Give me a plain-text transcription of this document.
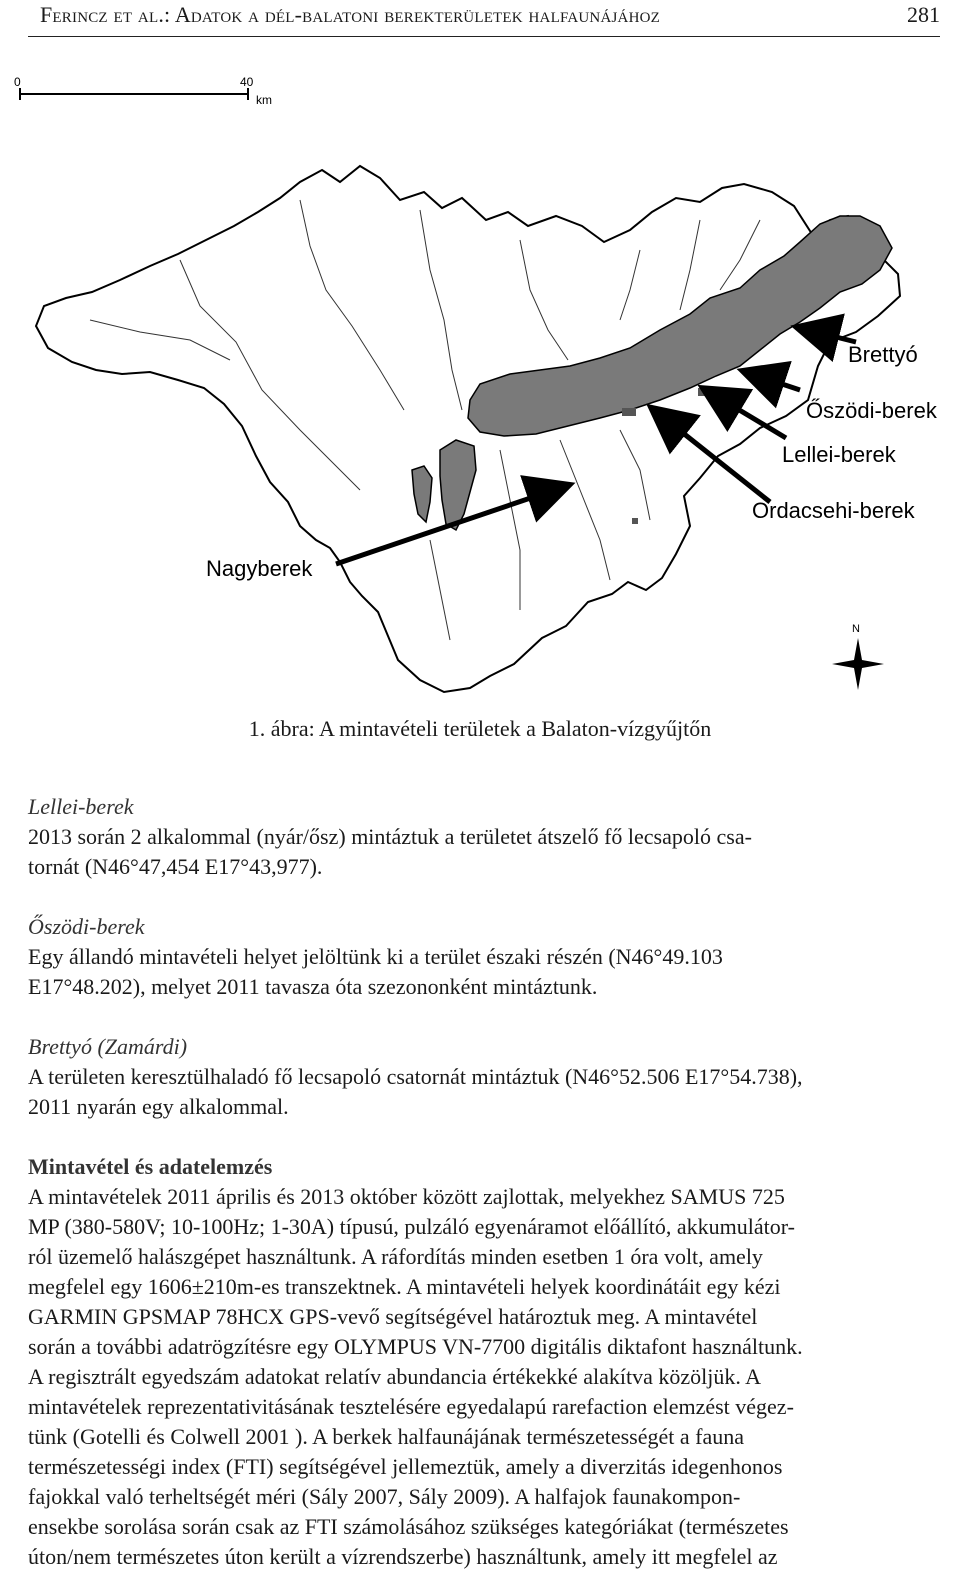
Ferincz et al.: Adatok a dél-balatoni berekterületek halfaunájához	281
0	40
km
Brettyó
Őszödi-berek
Lellei-berek
Ordacsehi-berek
Nagyberek
N
1. ábra: A mintavételi területek a Balaton-vízgyűjtőn
Lellei-berek
2013 során 2 alkalommal (nyár/ősz) mintáztuk a területet átszelő fő lecsapoló csa-
tornát (N46°47,454 E17°43,977).
Őszödi-berek
Egy állandó mintavételi helyet jelöltünk ki a terület északi részén (N46°49.103
E17°48.202), melyet 2011 tavasza óta szezononként mintáztunk.
Brettyó (Zamárdi)
A területen keresztülhaladó fő lecsapoló csatornát mintáztuk (N46°52.506 E17°54.738),
2011 nyarán egy alkalommal.
Mintavétel és adatelemzés
A mintavételek 2011 április és 2013 október között zajlottak, melyekhez SAMUS 725
MP (380-580V; 10-100Hz; 1-30A) típusú, pulzáló egyenáramot előállító, akkumulátor-
ról üzemelő halászgépet használtunk. A ráfordítás minden esetben 1 óra volt, amely
megfelel egy 1606±210m-es transzektnek. A mintavételi helyek koordinátáit egy kézi
GARMIN GPSMAP 78HCX GPS-vevő segítségével határoztuk meg. A mintavétel
során a további adatrögzítésre egy OLYMPUS VN-7700 digitális diktafont használtunk.
A regisztrált egyedszám adatokat relatív abundancia értékekké alakítva közöljük. A
mintavételek reprezentativitásának tesztelésére egyedalapú rarefaction elemzést végez-
tünk (Gotelli és Colwell 2001 ). A berkek halfaunájának természetességét a fauna
természetességi index (FTI) segítségével jellemeztük, amely a diverzitás idegenhonos
fajokkal való terheltségét méri (Sály 2007, Sály 2009). A halfajok faunakompon-
ensekbe sorolása során csak az FTI számolásához szükséges kategóriákat (természetes
úton/nem természetes úton került a vízrendszerbe) használtunk, amely itt megfelel az
